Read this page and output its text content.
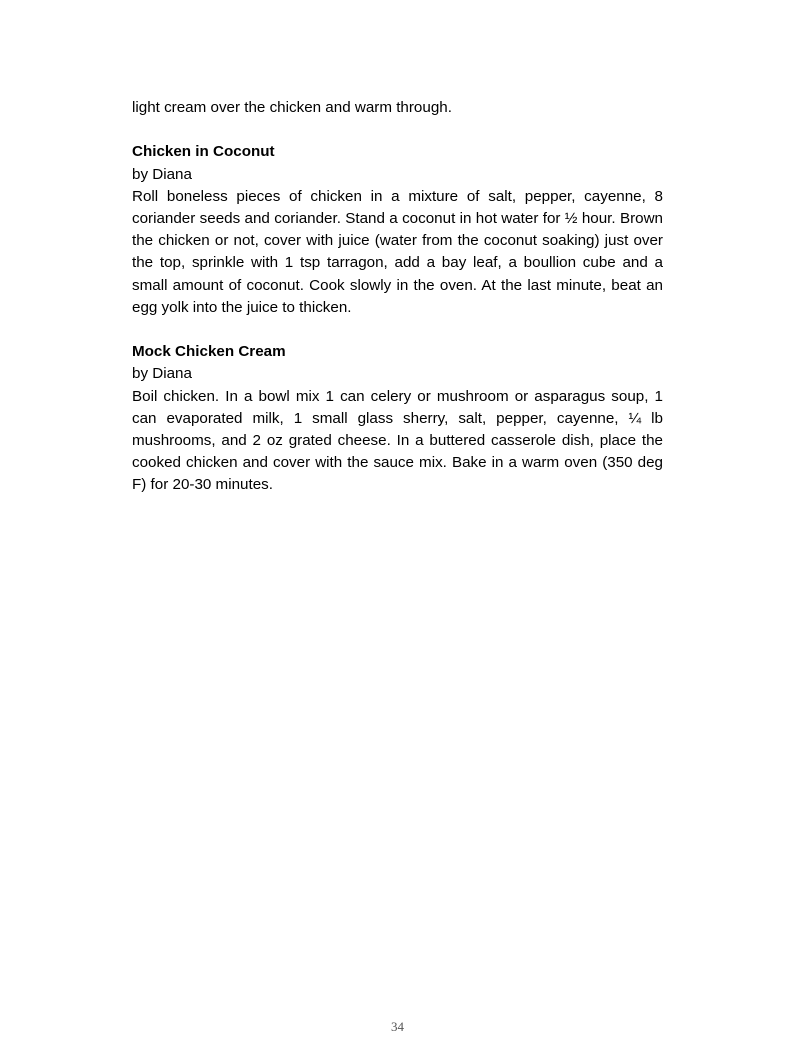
light cream over the chicken and warm through.

Chicken in Coconut

by Diana

Roll boneless pieces of chicken in a mixture of salt, pepper, cayenne, 8 coriander seeds and coriander. Stand a coconut in hot water for ½ hour. Brown the chicken or not, cover with juice (water from the coconut soaking) just over the top, sprinkle with 1 tsp tarragon, add a bay leaf, a boullion cube and a small amount of coconut. Cook slowly in the oven. At the last minute, beat an egg yolk into the juice to thicken.

Mock Chicken Cream

by Diana

Boil chicken. In a bowl mix 1 can celery or mushroom or asparagus soup, 1 can evaporated milk, 1 small glass sherry, salt, pepper, cayenne, ¼ lb mushrooms, and 2 oz grated cheese. In a buttered casserole dish, place the cooked chicken and cover with the sauce mix. Bake in a warm oven (350 deg F) for 20-30 minutes.

34
